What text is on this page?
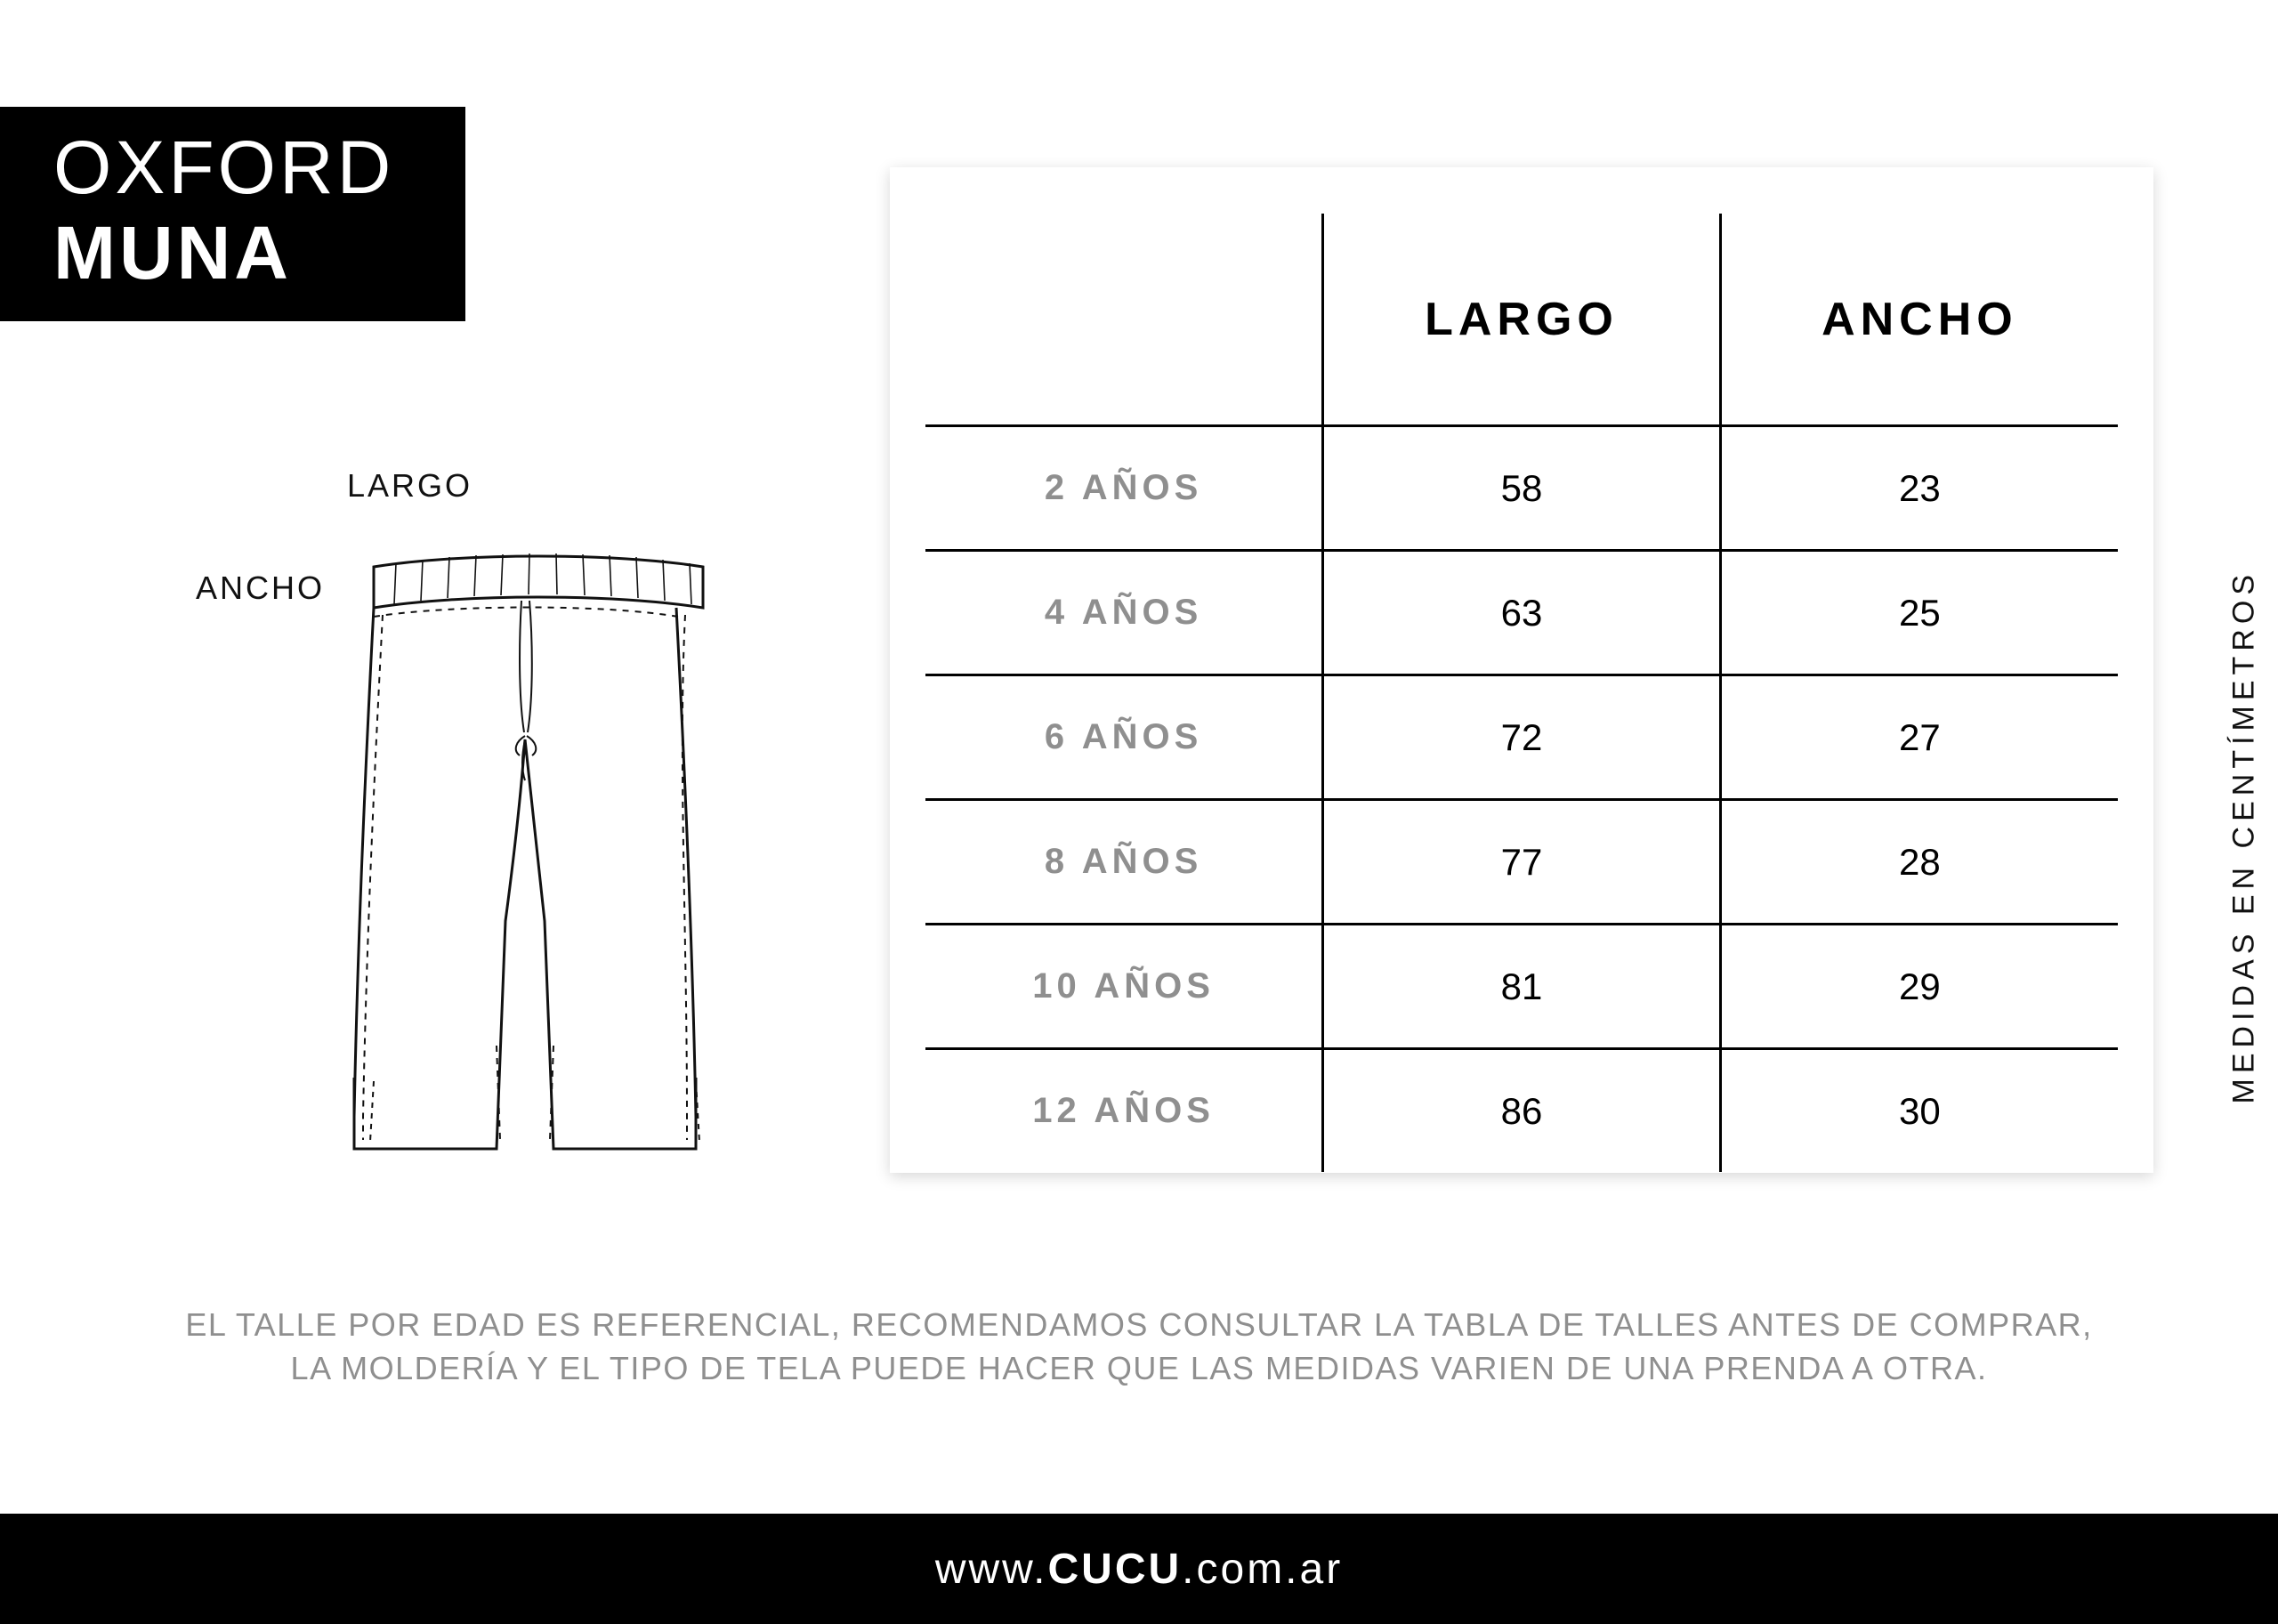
OXFORD
MUNA
LARGO
ANCHO
	LARGO	ANCHO
2 AÑOS	58	23
4 AÑOS	63	25
6 AÑOS	72	27
8 AÑOS	77	28
10 AÑOS	81	29
12 AÑOS	86	30
MEDIDAS EN CENTÍMETROS
EL TALLE POR EDAD ES REFERENCIAL, RECOMENDAMOS CONSULTAR LA TABLA DE TALLES ANTES DE COMPRAR,
LA MOLDERÍA Y EL TIPO DE TELA PUEDE HACER QUE LAS MEDIDAS VARIEN DE UNA PRENDA A OTRA.
www.CUCU.com.ar
